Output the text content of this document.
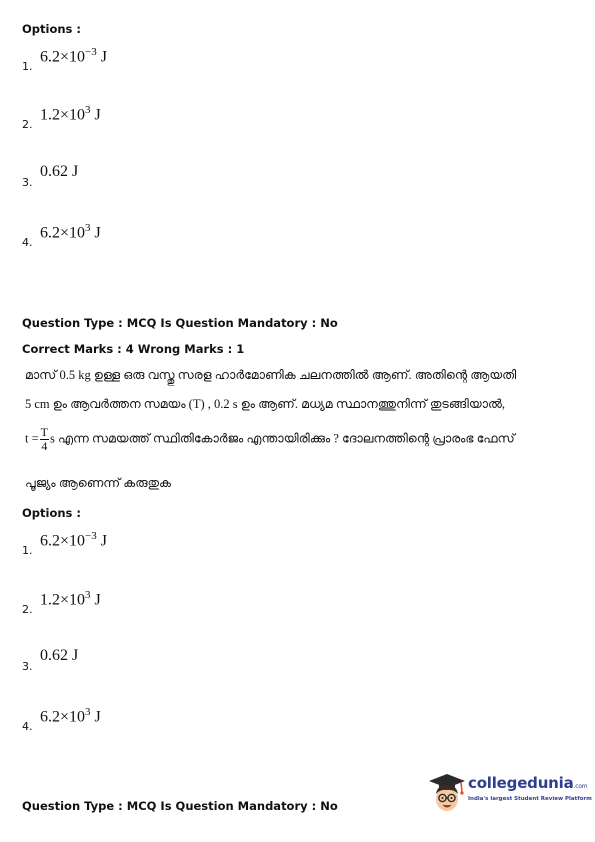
Options :
1.
$6.2\times 10^{-3}$ J
2.
$1.2\times 10^3$ J
3.
0.62 J
4.
$6.2\times 10^3$ J
Question Type : MCQ Is Question Mandatory : No
Correct Marks : 4 Wrong Marks : 1
മാസ് 0.5 kg ഉള്ള ഒരു വസ്തു സരള ഹാർമോണിക ചലനത്തിൽ ആണ്. അതിന്റെ ആയതി
5 cm ഉം ആവർത്തന സമയം (T) , 0.2 s ഉം ആണ്. മധ്യമ സ്ഥാനത്തുനിന്ന് തുടങ്ങിയാൽ,
$t = \frac{T}{4}$ s എന്ന സമയത്ത് സ്ഥിതികോർജം എന്തായിരിക്കും ? ദോലനത്തിന്റെ പ്രാരംഭ ഫേസ്
പൂജ്യം ആണെന്ന് കരുതുക
Options :
1.
$6.2\times 10^{-3}$ J
2.
$1.2\times 10^3$ J
3.
0.62 J
4.
$6.2\times 10^3$ J
Question Type : MCQ Is Question Mandatory : No
collegedunia.com
India's largest Student Review Platform
